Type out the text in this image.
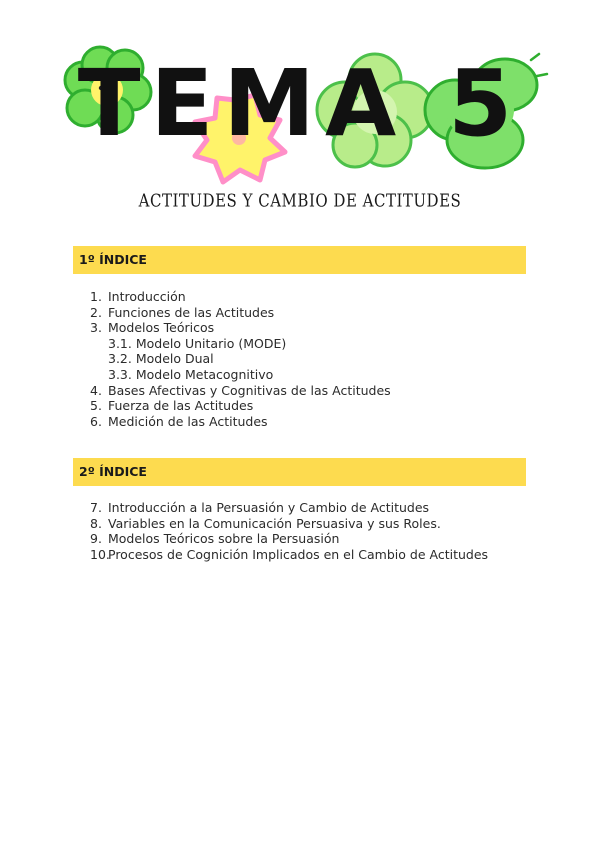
TEMA 5
ACTITUDES Y CAMBIO DE ACTITUDES
1º ÍNDICE
1. Introducción
2. Funciones de las Actitudes
3. Modelos Teóricos
3.1. Modelo Unitario (MODE)
3.2. Modelo Dual
3.3. Modelo Metacognitivo
4. Bases Afectivas y Cognitivas de las Actitudes
5. Fuerza de las Actitudes
6. Medición de las Actitudes
2º ÍNDICE
7. Introducción a la Persuasión y Cambio de Actitudes
8. Variables en la Comunicación Persuasiva y sus Roles.
9. Modelos Teóricos sobre la Persuasión
10.
Procesos de Cognición Implicados en el Cambio de Actitudes
